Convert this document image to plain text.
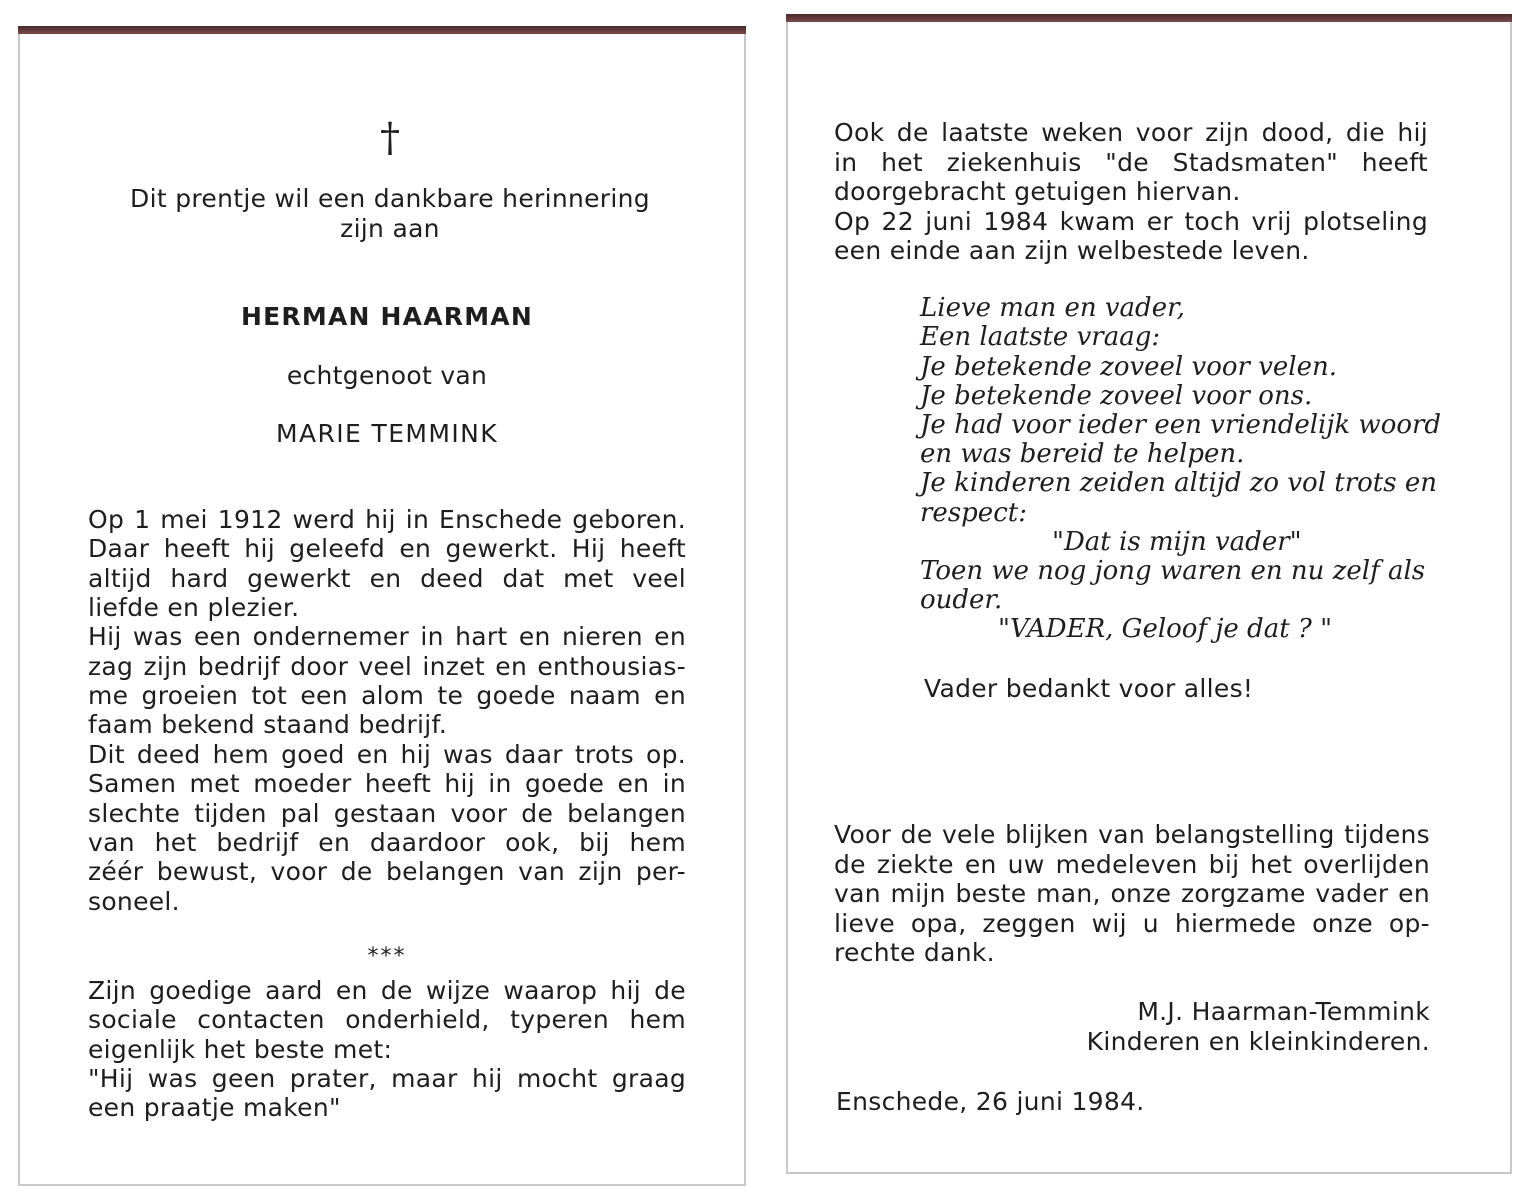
†
Dit prentje wil een dankbare herinnering
zijn aan
HERMAN HAARMAN
echtgenoot van
MARIE TEMMINK
Op 1 mei 1912 werd hij in Enschede geboren.
Daar heeft hij geleefd en gewerkt. Hij heeft
altijd hard gewerkt en deed dat met veel
liefde en plezier.
Hij was een ondernemer in hart en nieren en
zag zijn bedrijf door veel inzet en enthousias-
me groeien tot een alom te goede naam en
faam bekend staand bedrijf.
Dit deed hem goed en hij was daar trots op.
Samen met moeder heeft hij in goede en in
slechte tijden pal gestaan voor de belangen
van het bedrijf en daardoor ook, bij hem
zéér bewust, voor de belangen van zijn per-
soneel.
***
Zijn goedige aard en de wijze waarop hij de
sociale contacten onderhield, typeren hem
eigenlijk het beste met:
"Hij was geen prater, maar hij mocht graag
een praatje maken"
Ook de laatste weken voor zijn dood, die hij
in het ziekenhuis "de Stadsmaten" heeft
doorgebracht getuigen hiervan.
Op 22 juni 1984 kwam er toch vrij plotseling
een einde aan zijn welbestede leven.
Lieve man en vader,
Een laatste vraag:
Je betekende zoveel voor velen.
Je betekende zoveel voor ons.
Je had voor ieder een vriendelijk woord
en was bereid te helpen.
Je kinderen zeiden altijd zo vol trots en
respect:
"Dat is mijn vader"
Toen we nog jong waren en nu zelf als
ouder.
"VADER, Geloof je dat ? "
Vader bedankt voor alles!
Voor de vele blijken van belangstelling tijdens
de ziekte en uw medeleven bij het overlijden
van mijn beste man, onze zorgzame vader en
lieve opa, zeggen wij u hiermede onze op-
rechte dank.
M.J. Haarman-Temmink
Kinderen en kleinkinderen.
Enschede, 26 juni 1984.
